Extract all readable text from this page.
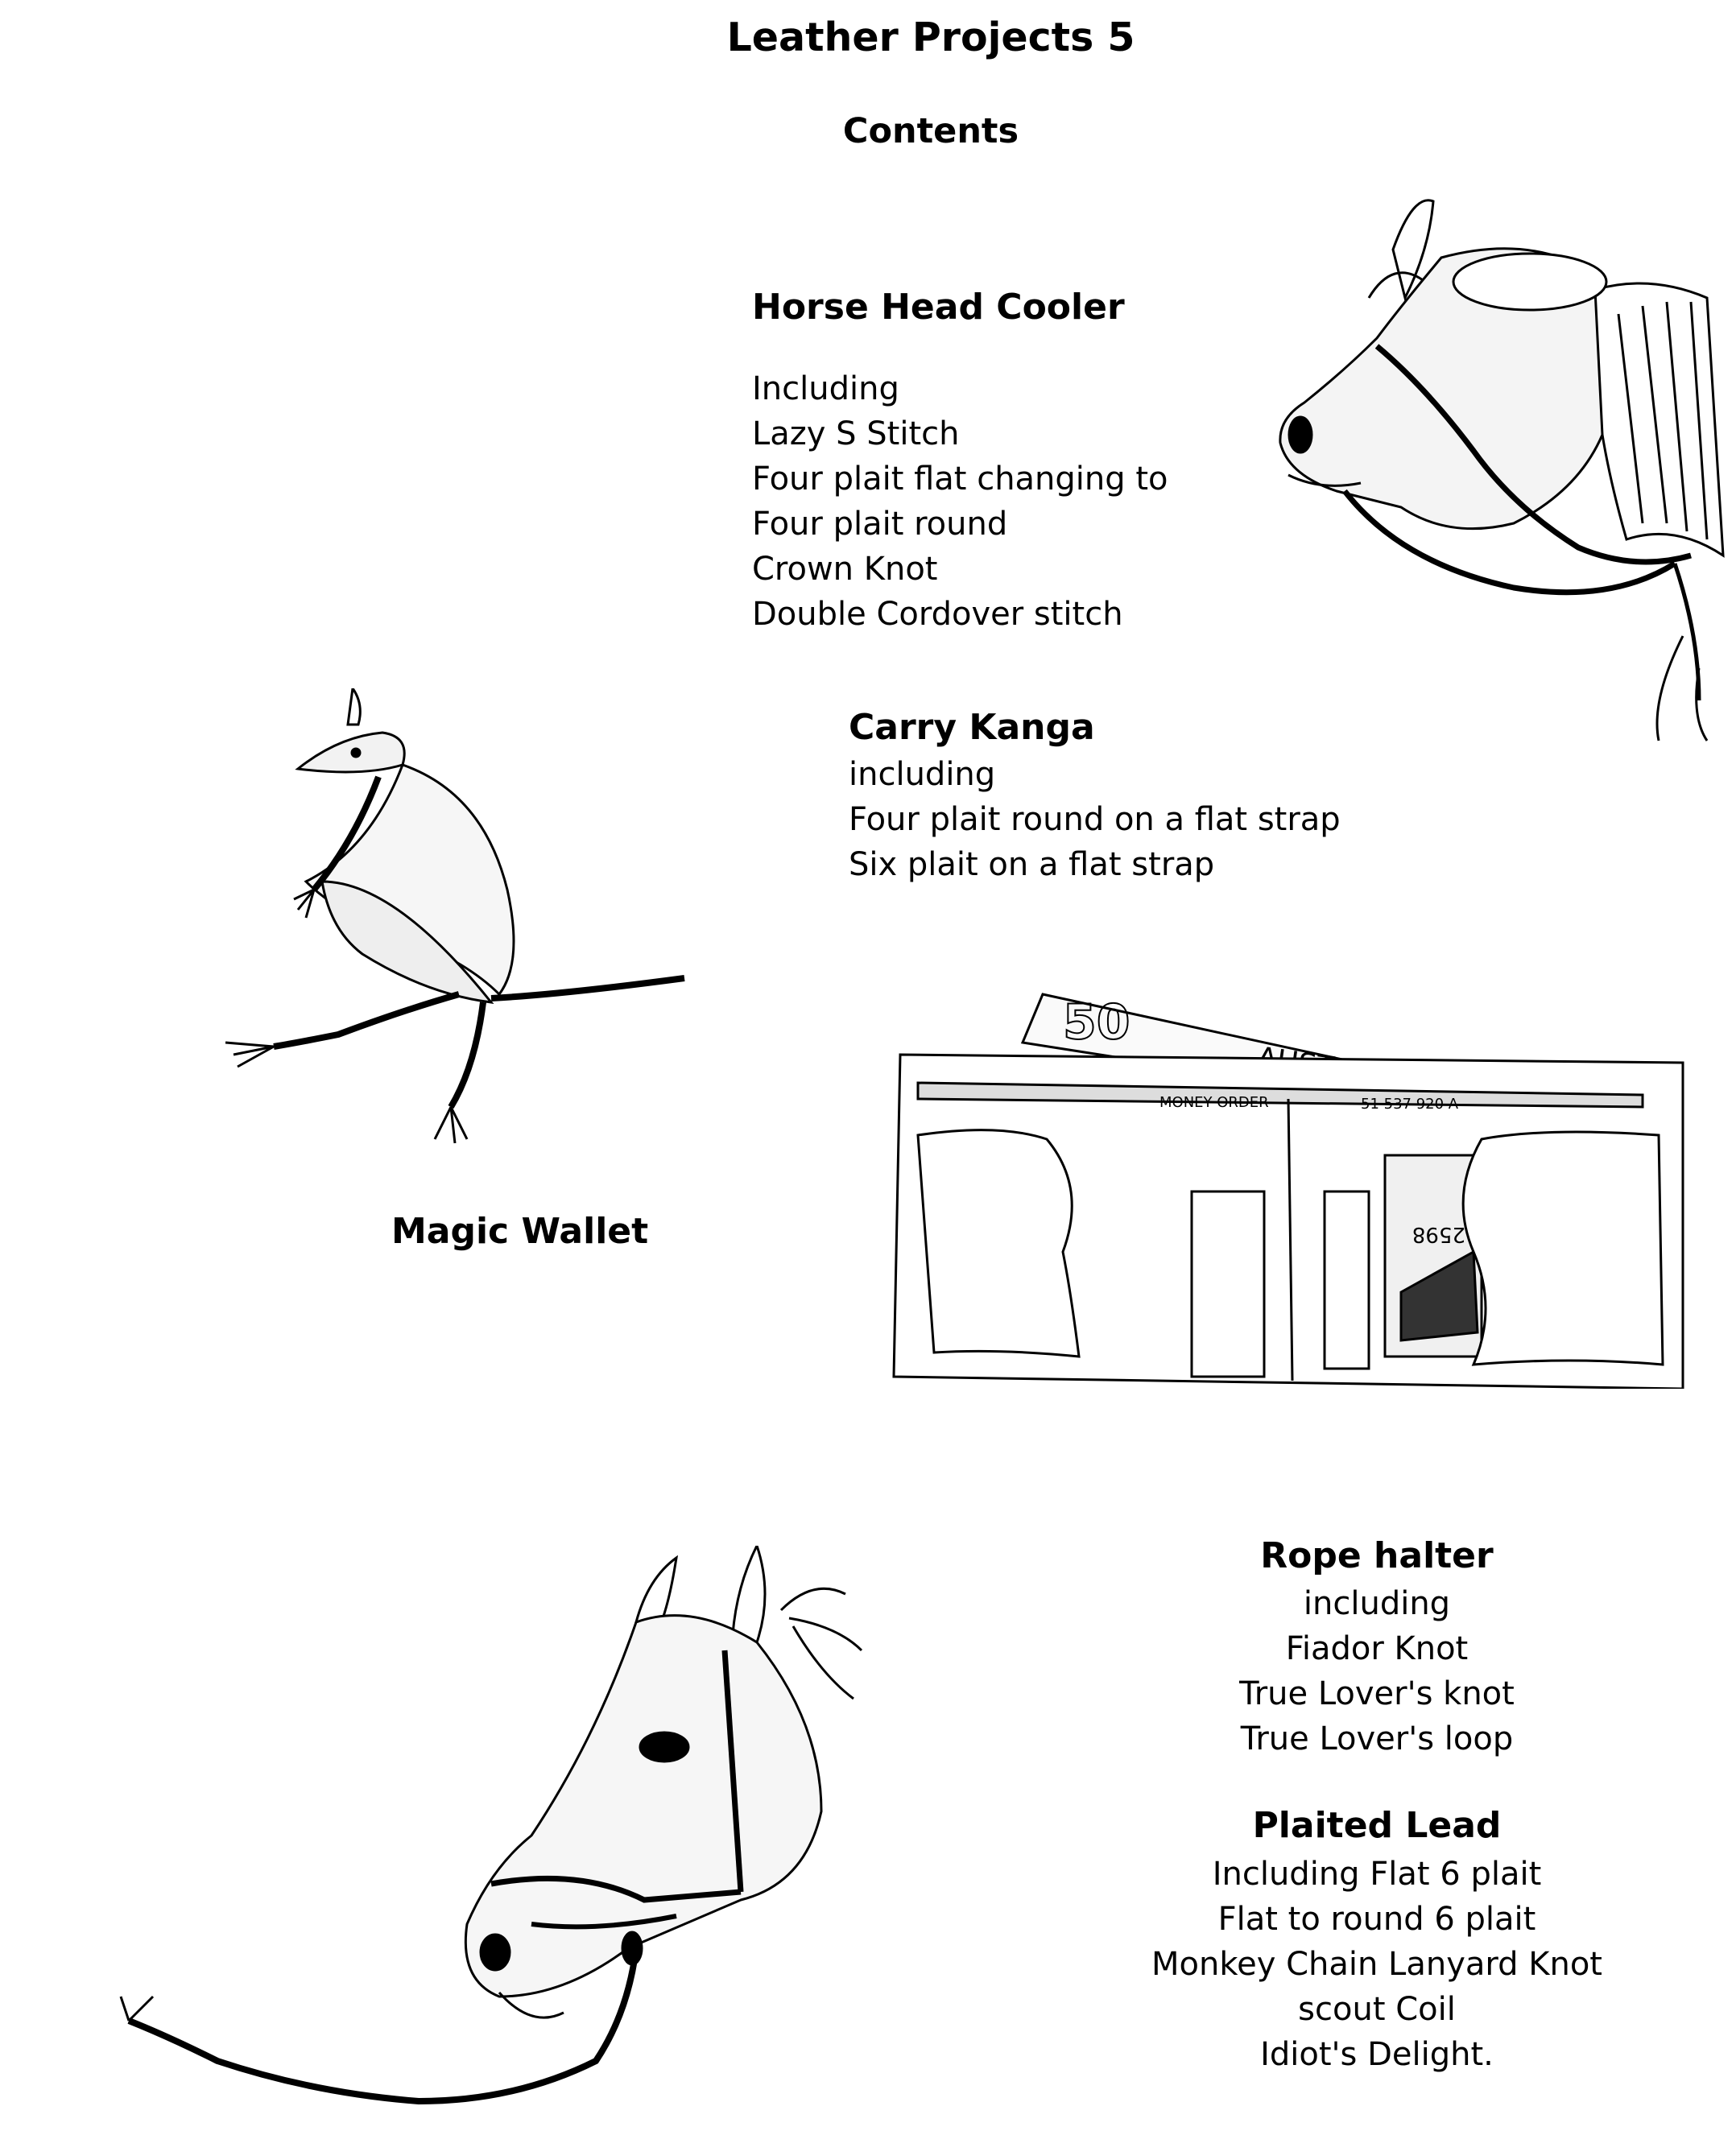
Leather Projects 5
Contents
Horse Head Cooler
Including
Lazy S Stitch
Four plait flat changing to
Four plait round
Crown Knot
Double Cordover stitch
Carry Kanga
including
Four plait round on a flat strap
Six plait on a flat strap
Magic Wallet
Rope halter
including
Fiador Knot
True Lover's knot
True Lover's loop
Plaited Lead
Including Flat 6 plait
Flat to round 6 plait
Monkey Chain Lanyard Knot
scout Coil
Idiot's Delight.
50
MONEY ORDER	51 537 920 A
2598
